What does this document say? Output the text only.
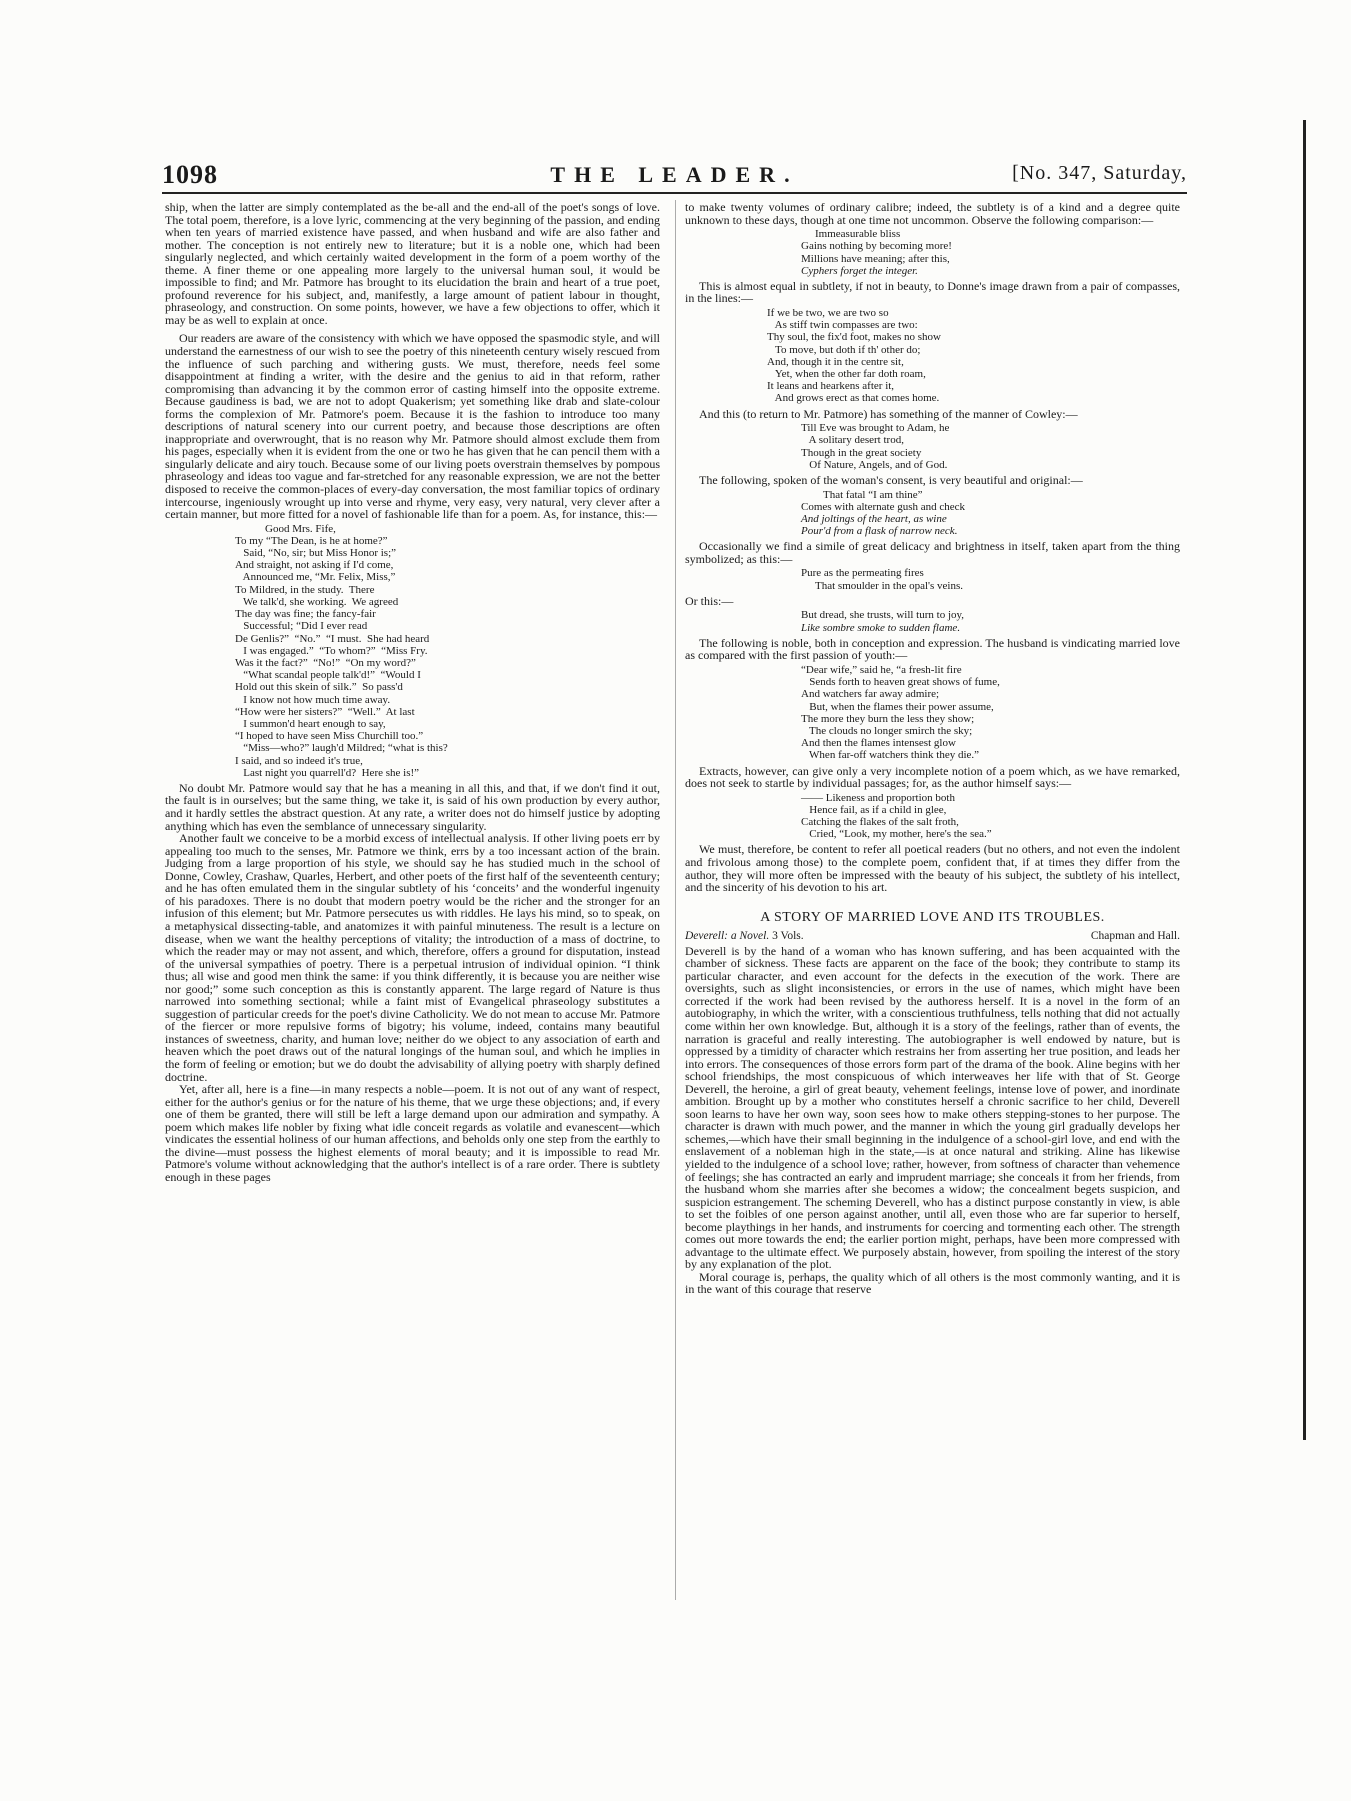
1098	THE LEADER.	[No. 347, Saturday,

ship, when the latter are simply contemplated as the be-all and the end-all of the poet's songs of love. The total poem, therefore, is a love lyric, commencing at the very beginning of the passion, and ending when ten years of married existence have passed, and when husband and wife are also father and mother. The conception is not entirely new to literature; but it is a noble one, which had been singularly neglected, and which certainly waited development in the form of a poem worthy of the theme. A finer theme or one appealing more largely to the universal human soul, it would be impossible to find; and Mr. Patmore has brought to its elucidation the brain and heart of a true poet, profound reverence for his subject, and, manifestly, a large amount of patient labour in thought, phraseology, and construction. On some points, however, we have a few objections to offer, which it may be as well to explain at once.

Our readers are aware of the consistency with which we have opposed the spasmodic style, and will understand the earnestness of our wish to see the poetry of this nineteenth century wisely rescued from the influence of such parching and withering gusts. We must, therefore, needs feel some disappointment at finding a writer, with the desire and the genius to aid in that reform, rather compromising than advancing it by the common error of casting himself into the opposite extreme. Because gaudiness is bad, we are not to adopt Quakerism; yet something like drab and slate-colour forms the complexion of Mr. Patmore's poem. Because it is the fashion to introduce too many descriptions of natural scenery into our current poetry, and because those descriptions are often inappropriate and overwrought, that is no reason why Mr. Patmore should almost exclude them from his pages, especially when it is evident from the one or two he has given that he can pencil them with a singularly delicate and airy touch. Because some of our living poets overstrain themselves by pompous phraseology and ideas too vague and far-stretched for any reasonable expression, we are not the better disposed to receive the common-places of every-day conversation, the most familiar topics of ordinary intercourse, ingeniously wrought up into verse and rhyme, very easy, very natural, very clever after a certain manner, but more fitted for a novel of fashionable life than for a poem. As, for instance, this:—

Good Mrs. Fife,
To my “The Dean, is he at home?”
Said, “No, sir; but Miss Honor is;”
And straight, not asking if I'd come,
Announced me, “Mr. Felix, Miss,”
To Mildred, in the study.  There
We talk'd, she working.  We agreed
The day was fine; the fancy-fair
Successful; “Did I ever read
De Genlis?”  “No.”  “I must.  She had heard
I was engaged.”  “To whom?”  “Miss Fry.
Was it the fact?”  “No!”  “On my word?”
“What scandal people talk'd!”  “Would I
Hold out this skein of silk.”  So pass'd
I know not how much time away.
“How were her sisters?”  “Well.”  At last
I summon'd heart enough to say,
“I hoped to have seen Miss Churchill too.”
“Miss—who?” laugh'd Mildred; “what is this?
I said, and so indeed it's true,
Last night you quarrell'd?  Here she is!”

No doubt Mr. Patmore would say that he has a meaning in all this, and that, if we don't find it out, the fault is in ourselves; but the same thing, we take it, is said of his own production by every author, and it hardly settles the abstract question. At any rate, a writer does not do himself justice by adopting anything which has even the semblance of unnecessary singularity.

Another fault we conceive to be a morbid excess of intellectual analysis. If other living poets err by appealing too much to the senses, Mr. Patmore we think, errs by a too incessant action of the brain. Judging from a large proportion of his style, we should say he has studied much in the school of Donne, Cowley, Crashaw, Quarles, Herbert, and other poets of the first half of the seventeenth century; and he has often emulated them in the singular subtlety of his ‘conceits’ and the wonderful ingenuity of his paradoxes. There is no doubt that modern poetry would be the richer and the stronger for an infusion of this element; but Mr. Patmore persecutes us with riddles. He lays his mind, so to speak, on a metaphysical dissecting-table, and anatomizes it with painful minuteness. The result is a lecture on disease, when we want the healthy perceptions of vitality; the introduction of a mass of doctrine, to which the reader may or may not assent, and which, therefore, offers a ground for disputation, instead of the universal sympathies of poetry. There is a perpetual intrusion of individual opinion. “I think thus; all wise and good men think the same: if you think differently, it is because you are neither wise nor good;” some such conception as this is constantly apparent. The large regard of Nature is thus narrowed into something sectional; while a faint mist of Evangelical phraseology substitutes a suggestion of particular creeds for the poet's divine Catholicity. We do not mean to accuse Mr. Patmore of the fiercer or more repulsive forms of bigotry; his volume, indeed, contains many beautiful instances of sweetness, charity, and human love; neither do we object to any association of earth and heaven which the poet draws out of the natural longings of the human soul, and which he implies in the form of feeling or emotion; but we do doubt the advisability of allying poetry with sharply defined doctrine.

Yet, after all, here is a fine—in many respects a noble—poem. It is not out of any want of respect, either for the author's genius or for the nature of his theme, that we urge these objections; and, if every one of them be granted, there will still be left a large demand upon our admiration and sympathy. A poem which makes life nobler by fixing what idle conceit regards as volatile and evanescent—which vindicates the essential holiness of our human affections, and beholds only one step from the earthly to the divine—must possess the highest elements of moral beauty; and it is impossible to read Mr. Patmore's volume without acknowledging that the author's intellect is of a rare order. There is subtlety enough in these pages

to make twenty volumes of ordinary calibre; indeed, the subtlety is of a kind and a degree quite unknown to these days, though at one time not uncommon. Observe the following comparison:—

Immeasurable bliss
Gains nothing by becoming more!
Millions have meaning; after this,
Cyphers forget the integer.

This is almost equal in subtlety, if not in beauty, to Donne's image drawn from a pair of compasses, in the lines:—

If we be two, we are two so
As stiff twin compasses are two:
Thy soul, the fix'd foot, makes no show
To move, but doth if th' other do;
And, though it in the centre sit,
Yet, when the other far doth roam,
It leans and hearkens after it,
And grows erect as that comes home.

And this (to return to Mr. Patmore) has something of the manner of Cowley:—

Till Eve was brought to Adam, he
A solitary desert trod,
Though in the great society
Of Nature, Angels, and of God.

The following, spoken of the woman's consent, is very beautiful and original:—

That fatal “I am thine”
Comes with alternate gush and check
And joltings of the heart, as wine
Pour'd from a flask of narrow neck.

Occasionally we find a simile of great delicacy and brightness in itself, taken apart from the thing symbolized; as this:—

Pure as the permeating fires
That smoulder in the opal's veins.

Or this:—

But dread, she trusts, will turn to joy,
Like sombre smoke to sudden flame.

The following is noble, both in conception and expression. The husband is vindicating married love as compared with the first passion of youth:—

“Dear wife,” said he, “a fresh-lit fire
Sends forth to heaven great shows of fume,
And watchers far away admire;
But, when the flames their power assume,
The more they burn the less they show;
The clouds no longer smirch the sky;
And then the flames intensest glow
When far-off watchers think they die.”

Extracts, however, can give only a very incomplete notion of a poem which, as we have remarked, does not seek to startle by individual passages; for, as the author himself says:—

—— Likeness and proportion both
Hence fail, as if a child in glee,
Catching the flakes of the salt froth,
Cried, “Look, my mother, here's the sea.”

We must, therefore, be content to refer all poetical readers (but no others, and not even the indolent and frivolous among those) to the complete poem, confident that, if at times they differ from the author, they will more often be impressed with the beauty of his subject, the subtlety of his intellect, and the sincerity of his devotion to his art.

A STORY OF MARRIED LOVE AND ITS TROUBLES.
Deverell: a Novel. 3 Vols.	Chapman and Hall.

Deverell is by the hand of a woman who has known suffering, and has been acquainted with the chamber of sickness. These facts are apparent on the face of the book; they contribute to stamp its particular character, and even account for the defects in the execution of the work. There are oversights, such as slight inconsistencies, or errors in the use of names, which might have been corrected if the work had been revised by the authoress herself. It is a novel in the form of an autobiography, in which the writer, with a conscientious truthfulness, tells nothing that did not actually come within her own knowledge. But, although it is a story of the feelings, rather than of events, the narration is graceful and really interesting. The autobiographer is well endowed by nature, but is oppressed by a timidity of character which restrains her from asserting her true position, and leads her into errors. The consequences of those errors form part of the drama of the book. Aline begins with her school friendships, the most conspicuous of which interweaves her life with that of St. George Deverell, the heroine, a girl of great beauty, vehement feelings, intense love of power, and inordinate ambition. Brought up by a mother who constitutes herself a chronic sacrifice to her child, Deverell soon learns to have her own way, soon sees how to make others stepping-stones to her purpose. The character is drawn with much power, and the manner in which the young girl gradually develops her schemes,—which have their small beginning in the indulgence of a school-girl love, and end with the enslavement of a nobleman high in the state,—is at once natural and striking. Aline has likewise yielded to the indulgence of a school love; rather, however, from softness of character than vehemence of feelings; she has contracted an early and imprudent marriage; she conceals it from her friends, from the husband whom she marries after she becomes a widow; the concealment begets suspicion, and suspicion estrangement. The scheming Deverell, who has a distinct purpose constantly in view, is able to set the foibles of one person against another, until all, even those who are far superior to herself, become playthings in her hands, and instruments for coercing and tormenting each other. The strength comes out more towards the end; the earlier portion might, perhaps, have been more compressed with advantage to the ultimate effect. We purposely abstain, however, from spoiling the interest of the story by any explanation of the plot.

Moral courage is, perhaps, the quality which of all others is the most commonly wanting, and it is in the want of this courage that reserve
